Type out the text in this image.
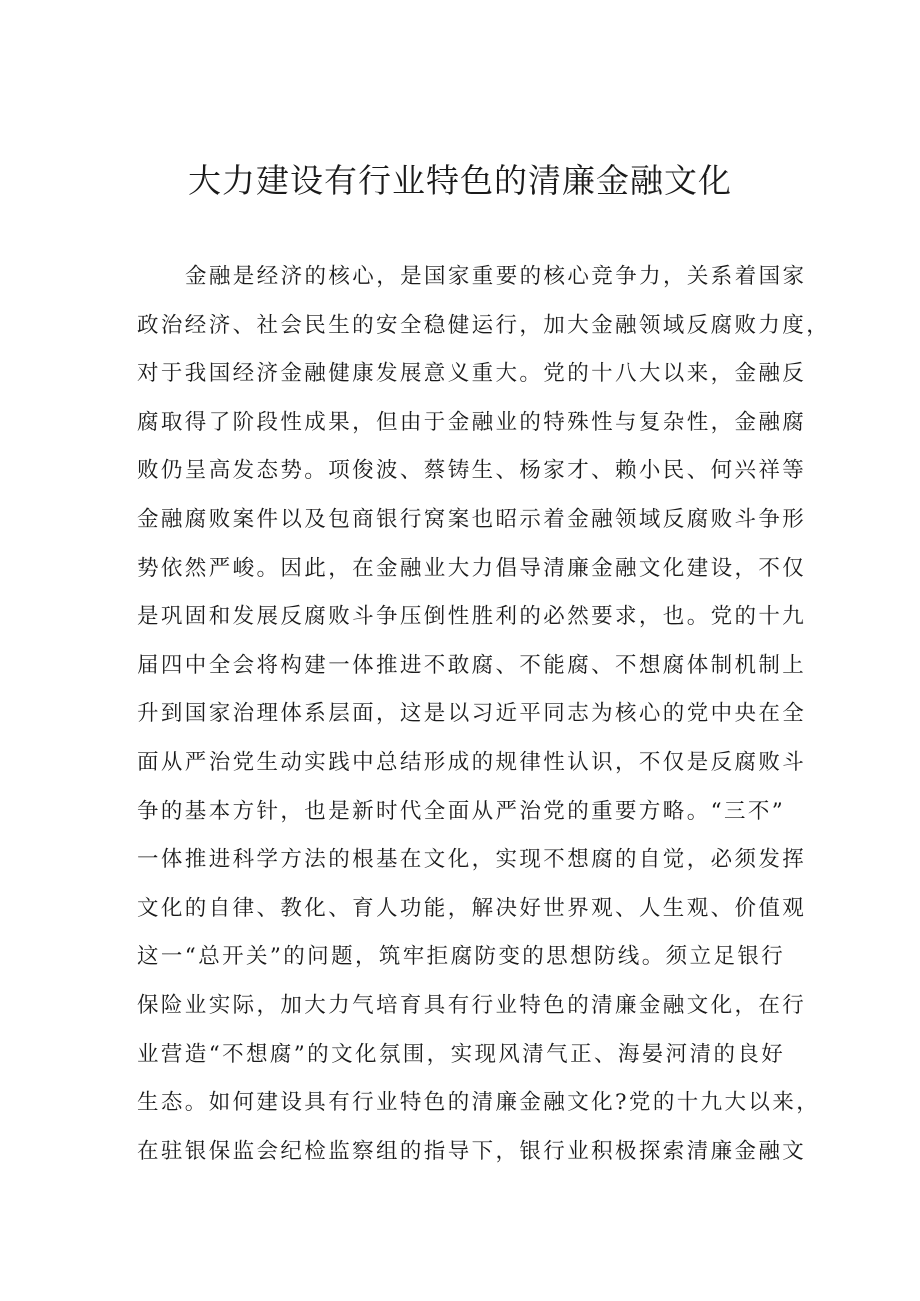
大力建设有行业特色的清廉金融文化
金融是经济的核心，是国家重要的核心竞争力，关系着国家
政治经济、社会民生的安全稳健运行，加大金融领域反腐败力度，
对于我国经济金融健康发展意义重大。党的十八大以来，金融反
腐取得了阶段性成果，但由于金融业的特殊性与复杂性，金融腐
败仍呈高发态势。项俊波、蔡铸生、杨家才、赖小民、何兴祥等
金融腐败案件以及包商银行窝案也昭示着金融领域反腐败斗争形
势依然严峻。因此，在金融业大力倡导清廉金融文化建设，不仅
是巩固和发展反腐败斗争压倒性胜利的必然要求，也。党的十九
届四中全会将构建一体推进不敢腐、不能腐、不想腐体制机制上
升到国家治理体系层面，这是以习近平同志为核心的党中央在全
面从严治党生动实践中总结形成的规律性认识，不仅是反腐败斗
争的基本方针，也是新时代全面从严治党的重要方略。“三不”
一体推进科学方法的根基在文化，实现不想腐的自觉，必须发挥
文化的自律、教化、育人功能，解决好世界观、人生观、价值观
这一“总开关”的问题，筑牢拒腐防变的思想防线。须立足银行
保险业实际，加大力气培育具有行业特色的清廉金融文化，在行
业营造“不想腐”的文化氛围，实现风清气正、海晏河清的良好
生态。如何建设具有行业特色的清廉金融文化?党的十九大以来，
在驻银保监会纪检监察组的指导下，银行业积极探索清廉金融文
